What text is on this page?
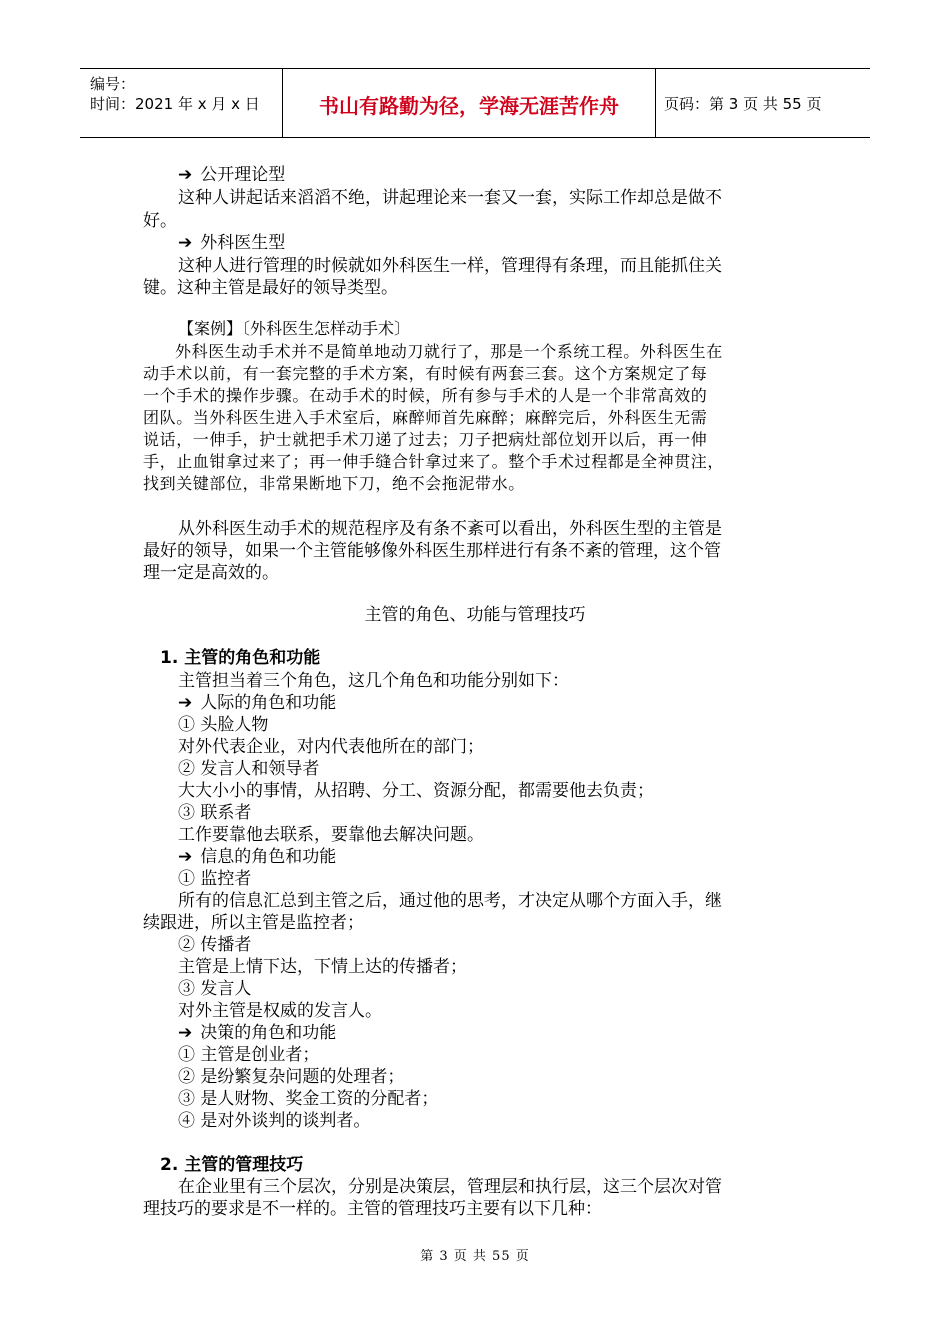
编号：
时间：2021 年 x 月 x 日	书山有路勤为径，学海无涯苦作舟	页码：第 3 页 共 55 页
➔ 公开理论型
这种人讲起话来滔滔不绝，讲起理论来一套又一套，实际工作却总是做不
好。
➔ 外科医生型
这种人进行管理的时候就如外科医生一样，管理得有条理，而且能抓住关
键。这种主管是最好的领导类型。
【案例】〔外科医生怎样动手术〕
外科医生动手术并不是简单地动刀就行了，那是一个系统工程。外科医生在
动手术以前，有一套完整的手术方案，有时候有两套三套。这个方案规定了每
一个手术的操作步骤。在动手术的时候，所有参与手术的人是一个非常高效的
团队。当外科医生进入手术室后，麻醉师首先麻醉；麻醉完后，外科医生无需
说话，一伸手，护士就把手术刀递了过去；刀子把病灶部位划开以后，再一伸
手，止血钳拿过来了；再一伸手缝合针拿过来了。整个手术过程都是全神贯注，
找到关键部位，非常果断地下刀，绝不会拖泥带水。
从外科医生动手术的规范程序及有条不紊可以看出，外科医生型的主管是
最好的领导，如果一个主管能够像外科医生那样进行有条不紊的管理，这个管
理一定是高效的。
主管的角色、功能与管理技巧
1. 主管的角色和功能
主管担当着三个角色，这几个角色和功能分别如下：
➔ 人际的角色和功能
① 头脸人物
对外代表企业，对内代表他所在的部门；
② 发言人和领导者
大大小小的事情，从招聘、分工、资源分配，都需要他去负责；
③ 联系者
工作要靠他去联系，要靠他去解决问题。
➔ 信息的角色和功能
① 监控者
所有的信息汇总到主管之后，通过他的思考，才决定从哪个方面入手，继
续跟进，所以主管是监控者；
② 传播者
主管是上情下达，下情上达的传播者；
③ 发言人
对外主管是权威的发言人。
➔ 决策的角色和功能
① 主管是创业者；
② 是纷繁复杂问题的处理者；
③ 是人财物、奖金工资的分配者；
④ 是对外谈判的谈判者。
2. 主管的管理技巧
在企业里有三个层次，分别是决策层，管理层和执行层，这三个层次对管
理技巧的要求是不一样的。主管的管理技巧主要有以下几种：
第 3 页 共 55 页
